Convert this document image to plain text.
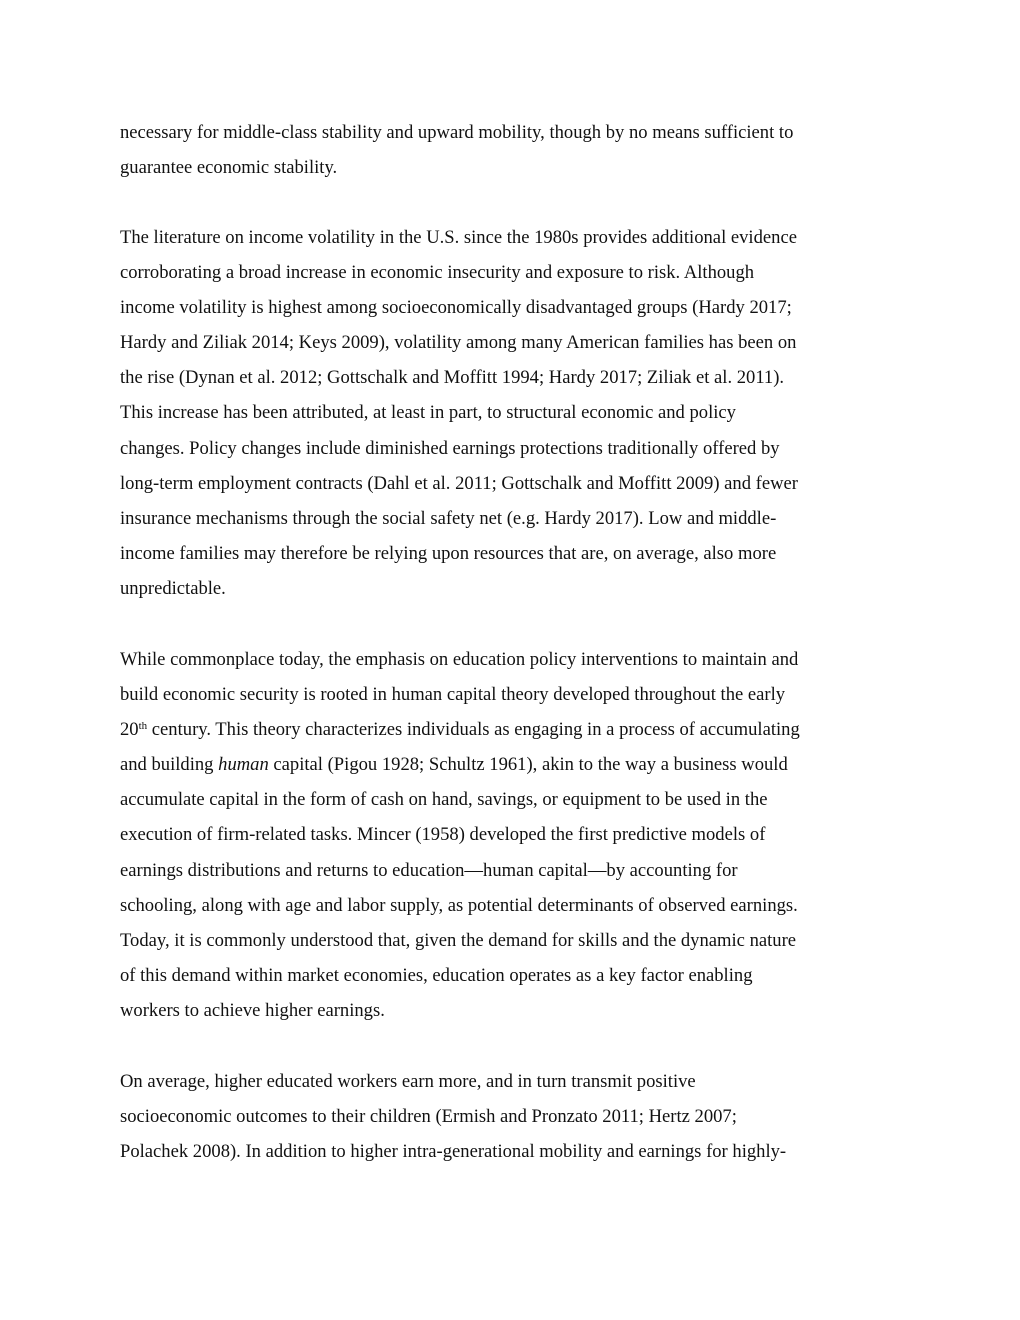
necessary for middle-class stability and upward mobility, though by no means sufficient to

guarantee economic stability.

The literature on income volatility in the U.S. since the 1980s provides additional evidence

corroborating a broad increase in economic insecurity and exposure to risk. Although

income volatility is highest among socioeconomically disadvantaged groups (Hardy 2017;

Hardy and Ziliak 2014; Keys 2009), volatility among many American families has been on

the rise (Dynan et al. 2012; Gottschalk and Moffitt 1994; Hardy 2017; Ziliak et al. 2011).

This increase has been attributed, at least in part, to structural economic and policy

changes. Policy changes include diminished earnings protections traditionally offered by

long-term employment contracts (Dahl et al. 2011; Gottschalk and Moffitt 2009) and fewer

insurance mechanisms through the social safety net (e.g. Hardy 2017). Low and middle-

income families may therefore be relying upon resources that are, on average, also more

unpredictable.

While commonplace today, the emphasis on education policy interventions to maintain and

build economic security is rooted in human capital theory developed throughout the early

20th century. This theory characterizes individuals as engaging in a process of accumulating

and building human capital (Pigou 1928; Schultz 1961), akin to the way a business would

accumulate capital in the form of cash on hand, savings, or equipment to be used in the

execution of firm-related tasks. Mincer (1958) developed the first predictive models of

earnings distributions and returns to education—human capital—by accounting for

schooling, along with age and labor supply, as potential determinants of observed earnings.

Today, it is commonly understood that, given the demand for skills and the dynamic nature

of this demand within market economies, education operates as a key factor enabling

workers to achieve higher earnings.

On average, higher educated workers earn more, and in turn transmit positive

socioeconomic outcomes to their children (Ermish and Pronzato 2011; Hertz 2007;

Polachek 2008). In addition to higher intra-generational mobility and earnings for highly-
